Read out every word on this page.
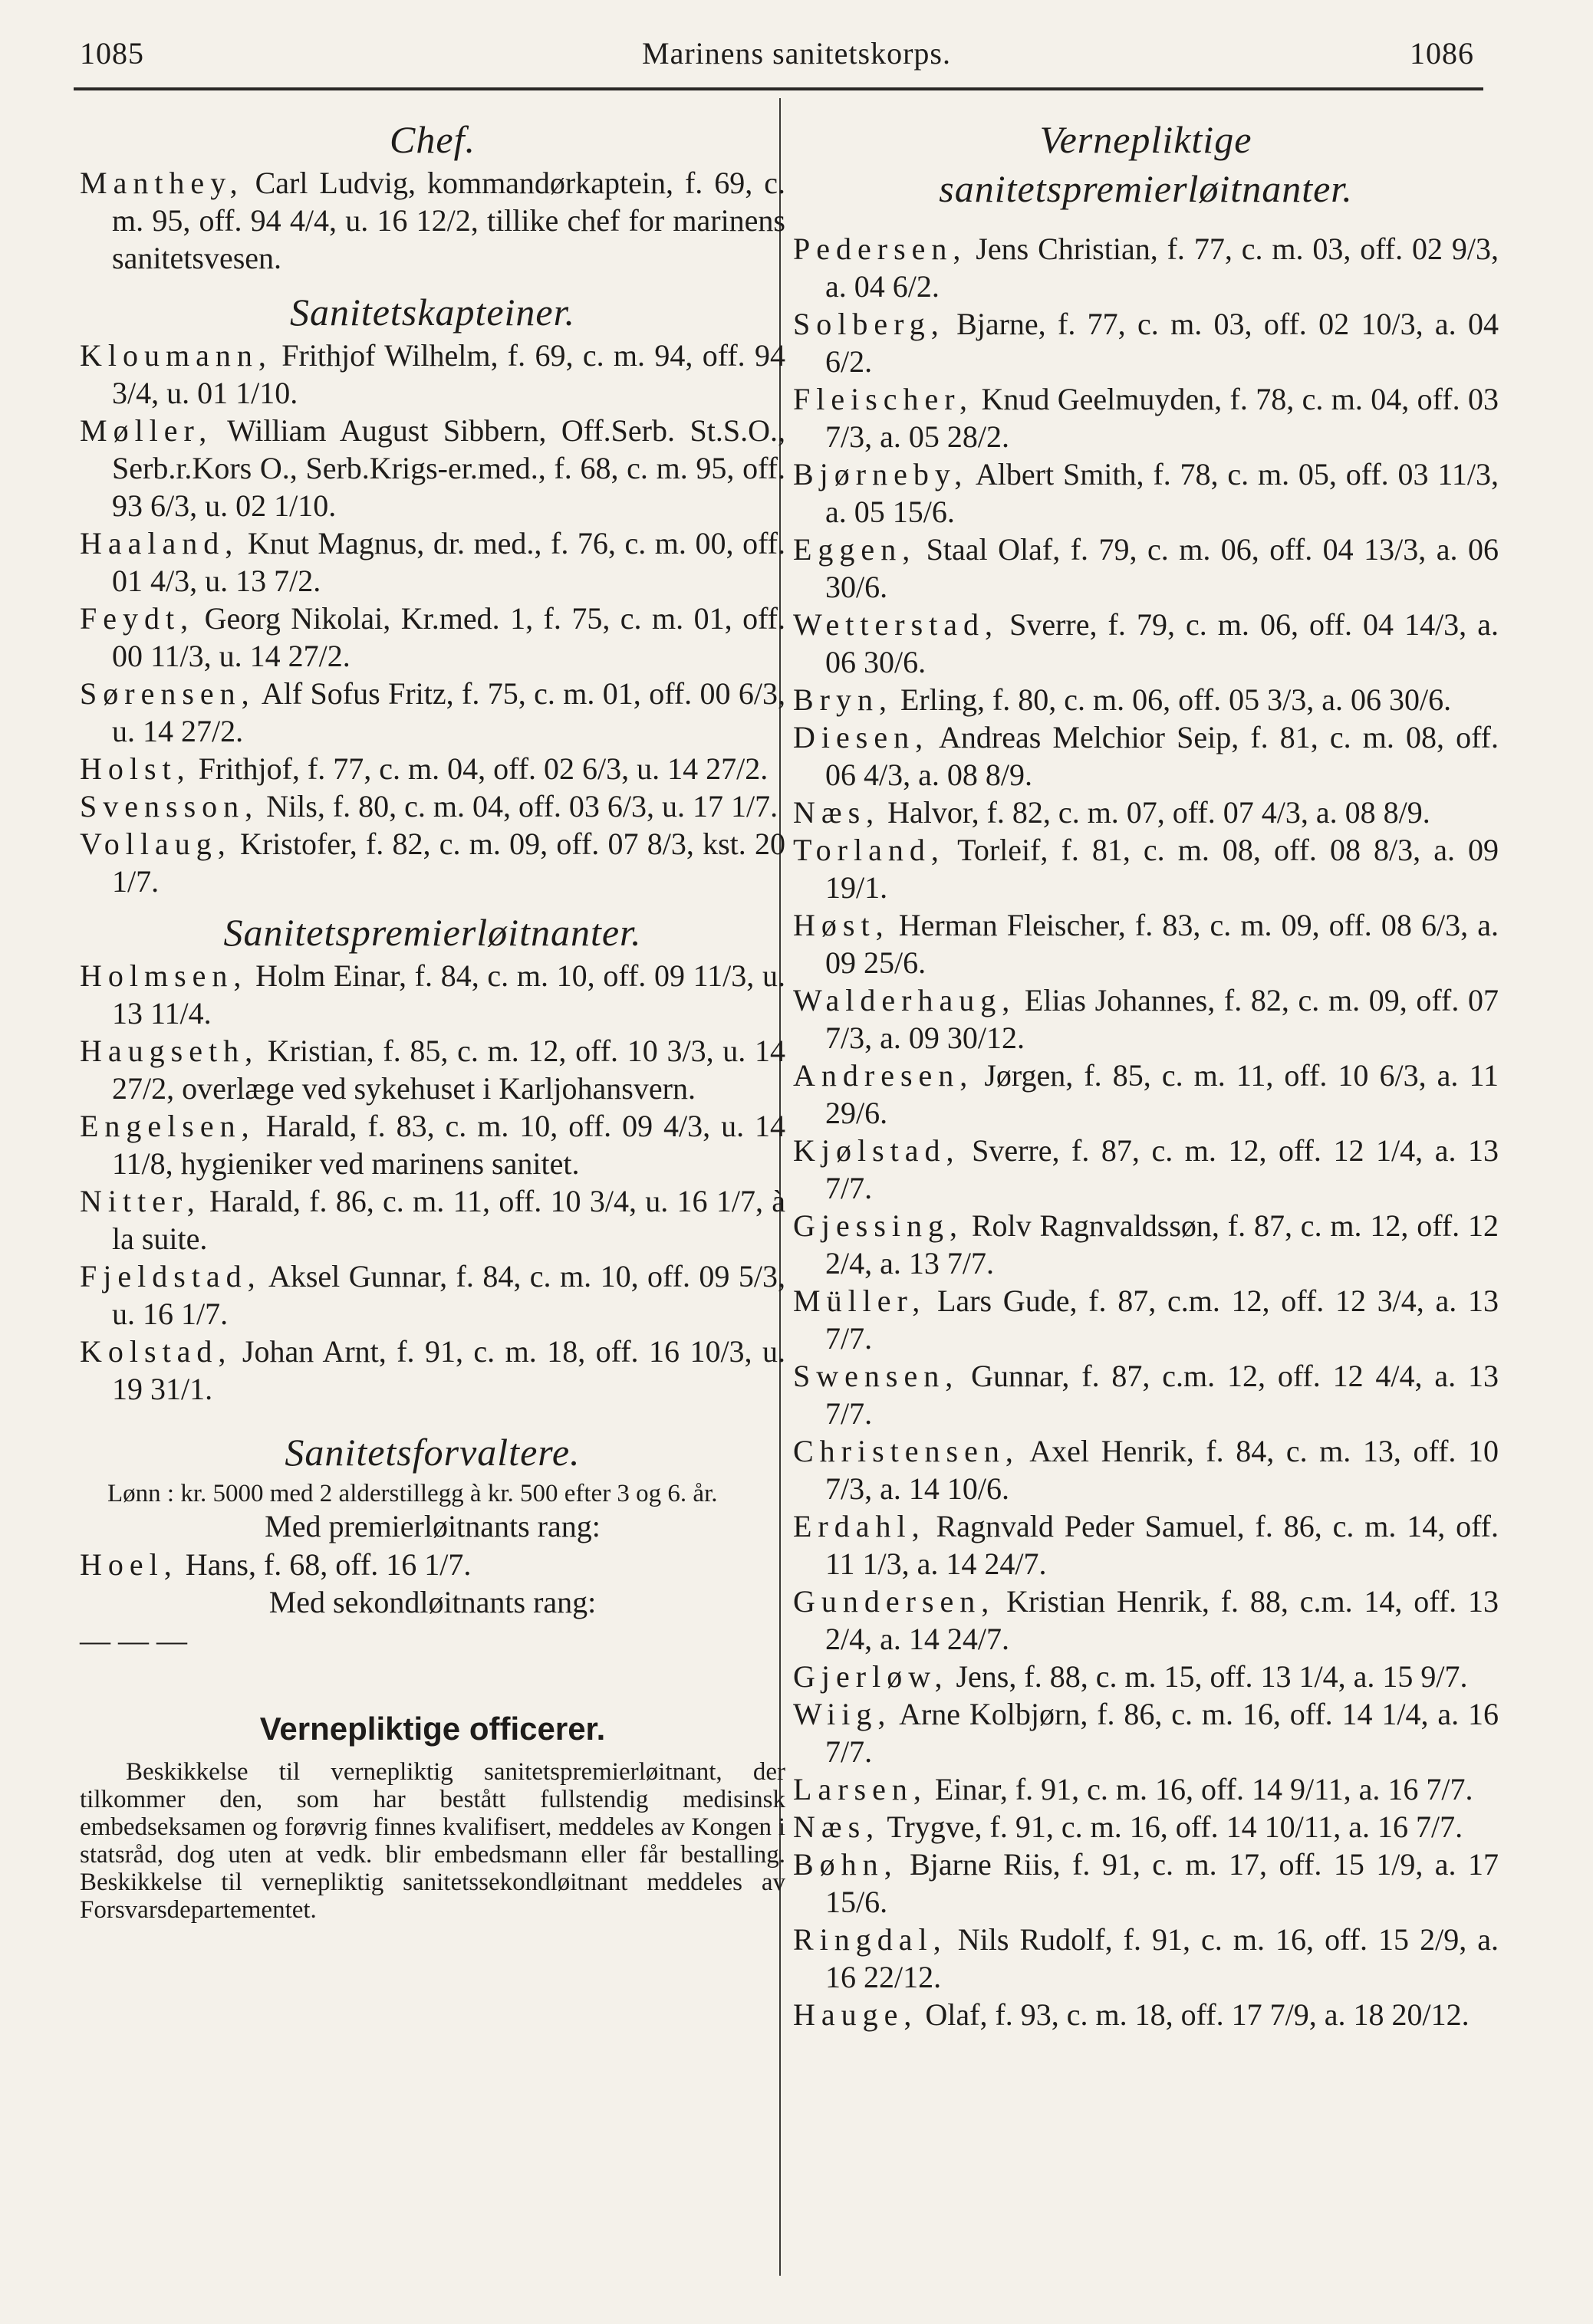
1085	Marinens sanitetskorps.	1086

Chef.

Manthey, Carl Ludvig, kommandørkaptein, f. 69, c. m. 95, off. 94 4/4, u. 16 12/2, tillike chef for marinens sanitetsvesen.

Sanitetskapteiner.

Kloumann, Frithjof Wilhelm, f. 69, c. m. 94, off. 94 3/4, u. 01 1/10.

Møller, William August Sibbern, Off.Serb. St.S.O., Serb.r.Kors O., Serb.Krigs-er.med., f. 68, c. m. 95, off. 93 6/3, u. 02 1/10.

Haaland, Knut Magnus, dr. med., f. 76, c. m. 00, off. 01 4/3, u. 13 7/2.

Feydt, Georg Nikolai, Kr.med. 1, f. 75, c. m. 01, off. 00 11/3, u. 14 27/2.

Sørensen, Alf Sofus Fritz, f. 75, c. m. 01, off. 00 6/3, u. 14 27/2.

Holst, Frithjof, f. 77, c. m. 04, off. 02 6/3, u. 14 27/2.

Svensson, Nils, f. 80, c. m. 04, off. 03 6/3, u. 17 1/7.

Vollaug, Kristofer, f. 82, c. m. 09, off. 07 8/3, kst. 20 1/7.

Sanitetspremierløitnanter.

Holmsen, Holm Einar, f. 84, c. m. 10, off. 09 11/3, u. 13 11/4.

Haugseth, Kristian, f. 85, c. m. 12, off. 10 3/3, u. 14 27/2, overlæge ved sykehuset i Karljohansvern.

Engelsen, Harald, f. 83, c. m. 10, off. 09 4/3, u. 14 11/8, hygieniker ved marinens sanitet.

Nitter, Harald, f. 86, c. m. 11, off. 10 3/4, u. 16 1/7, à la suite.

Fjeldstad, Aksel Gunnar, f. 84, c. m. 10, off. 09 5/3, u. 16 1/7.

Kolstad, Johan Arnt, f. 91, c. m. 18, off. 16 10/3, u. 19 31/1.

Sanitetsforvaltere.

Lønn : kr. 5000 med 2 alderstillegg à kr. 500 efter 3 og 6. år.

Med premierløitnants rang:

Hoel, Hans, f. 68, off. 16 1/7.

Med sekondløitnants rang:

— — —

Vernepliktige officerer.

Beskikkelse til vernepliktig sanitetspremierløitnant, der tilkommer den, som har bestått fullstendig medisinsk embedseksamen og forøvrig finnes kvalifisert, meddeles av Kongen i statsråd, dog uten at vedk. blir embedsmann eller får bestalling. Beskikkelse til vernepliktig sanitetssekondløitnant meddeles av Forsvarsdepartementet.

Vernepliktige sanitetspremierløitnanter.

Pedersen, Jens Christian, f. 77, c. m. 03, off. 02 9/3, a. 04 6/2.

Solberg, Bjarne, f. 77, c. m. 03, off. 02 10/3, a. 04 6/2.

Fleischer, Knud Geelmuyden, f. 78, c. m. 04, off. 03 7/3, a. 05 28/2.

Bjørneby, Albert Smith, f. 78, c. m. 05, off. 03 11/3, a. 05 15/6.

Eggen, Staal Olaf, f. 79, c. m. 06, off. 04 13/3, a. 06 30/6.

Wetterstad, Sverre, f. 79, c. m. 06, off. 04 14/3, a. 06 30/6.

Bryn, Erling, f. 80, c. m. 06, off. 05 3/3, a. 06 30/6.

Diesen, Andreas Melchior Seip, f. 81, c. m. 08, off. 06 4/3, a. 08 8/9.

Næs, Halvor, f. 82, c. m. 07, off. 07 4/3, a. 08 8/9.

Torland, Torleif, f. 81, c. m. 08, off. 08 8/3, a. 09 19/1.

Høst, Herman Fleischer, f. 83, c. m. 09, off. 08 6/3, a. 09 25/6.

Walderhaug, Elias Johannes, f. 82, c. m. 09, off. 07 7/3, a. 09 30/12.

Andresen, Jørgen, f. 85, c. m. 11, off. 10 6/3, a. 11 29/6.

Kjølstad, Sverre, f. 87, c. m. 12, off. 12 1/4, a. 13 7/7.

Gjessing, Rolv Ragnvaldssøn, f. 87, c. m. 12, off. 12 2/4, a. 13 7/7.

Müller, Lars Gude, f. 87, c.m. 12, off. 12 3/4, a. 13 7/7.

Swensen, Gunnar, f. 87, c.m. 12, off. 12 4/4, a. 13 7/7.

Christensen, Axel Henrik, f. 84, c. m. 13, off. 10 7/3, a. 14 10/6.

Erdahl, Ragnvald Peder Samuel, f. 86, c. m. 14, off. 11 1/3, a. 14 24/7.

Gundersen, Kristian Henrik, f. 88, c.m. 14, off. 13 2/4, a. 14 24/7.

Gjerløw, Jens, f. 88, c. m. 15, off. 13 1/4, a. 15 9/7.

Wiig, Arne Kolbjørn, f. 86, c. m. 16, off. 14 1/4, a. 16 7/7.

Larsen, Einar, f. 91, c. m. 16, off. 14 9/11, a. 16 7/7.

Næs, Trygve, f. 91, c. m. 16, off. 14 10/11, a. 16 7/7.

Bøhn, Bjarne Riis, f. 91, c. m. 17, off. 15 1/9, a. 17 15/6.

Ringdal, Nils Rudolf, f. 91, c. m. 16, off. 15 2/9, a. 16 22/12.

Hauge, Olaf, f. 93, c. m. 18, off. 17 7/9, a. 18 20/12.
